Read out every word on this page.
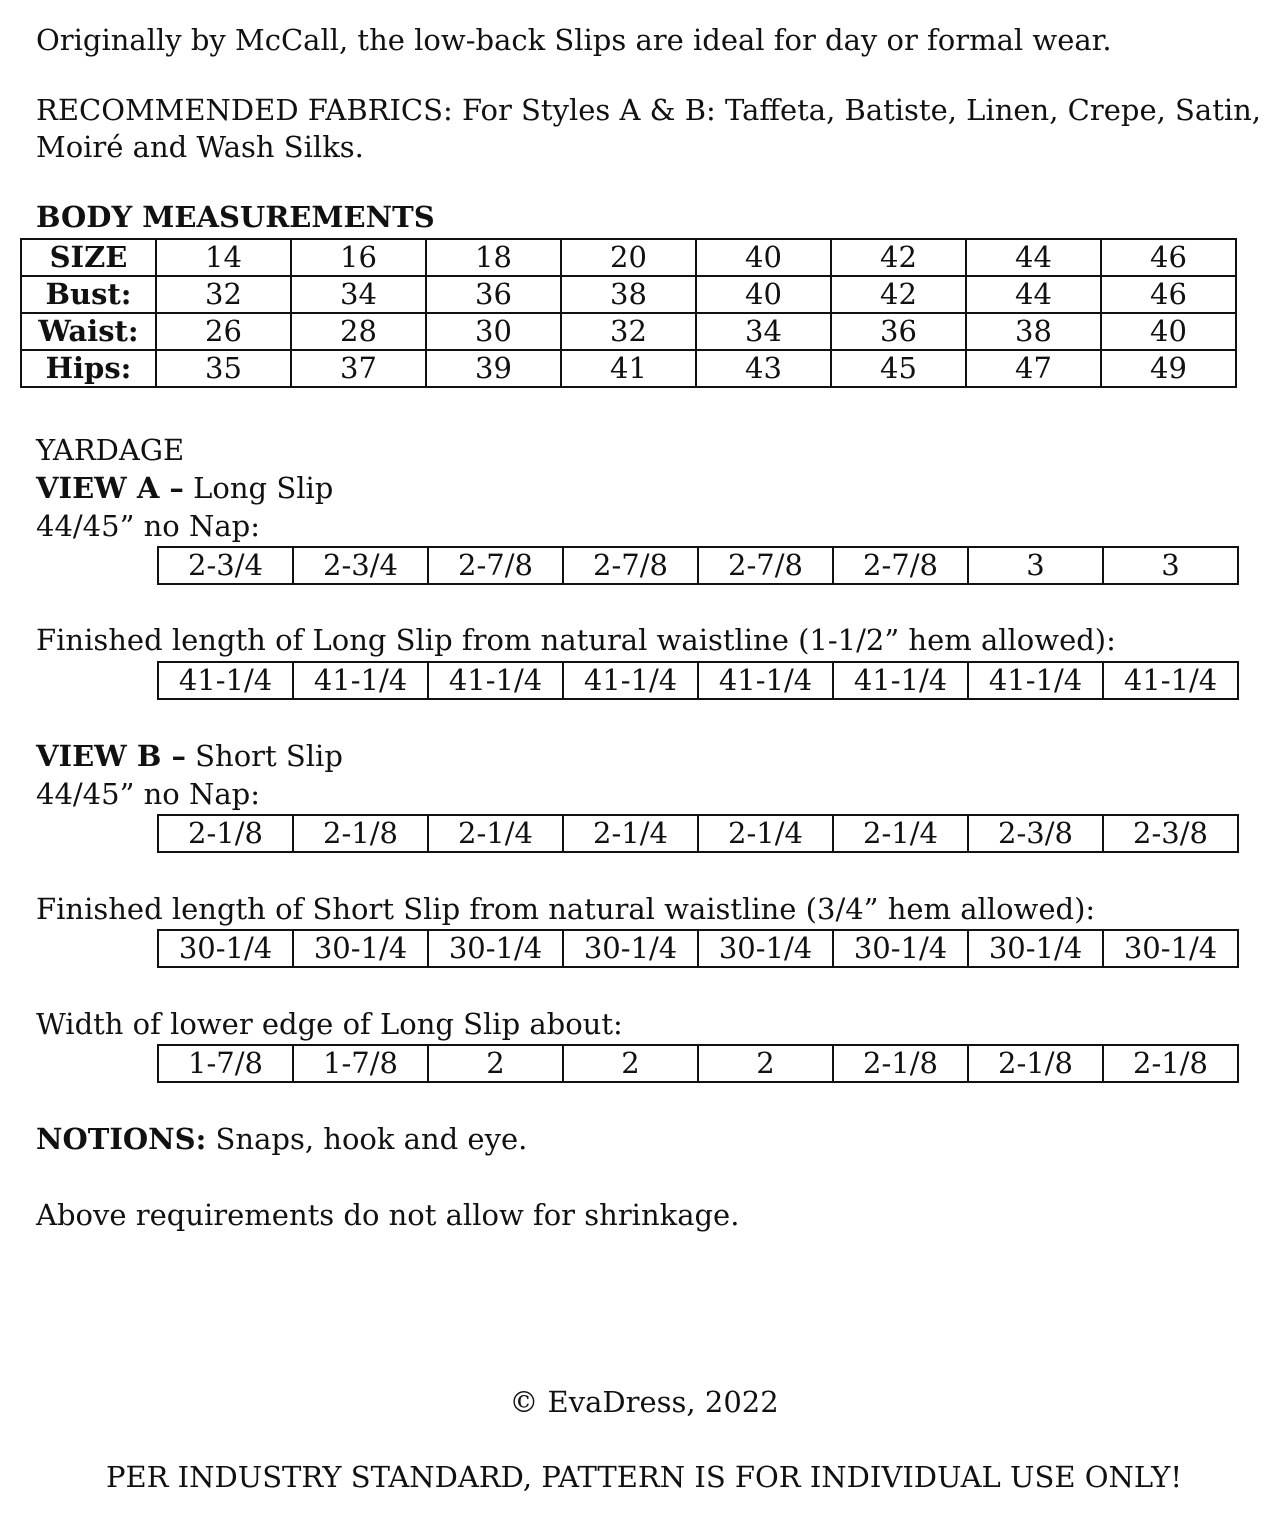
Originally by McCall, the low-back Slips are ideal for day or formal wear.

RECOMMENDED FABRICS: For Styles A & B: Taffeta, Batiste, Linen, Crepe, Satin,

Moiré and Wash Silks.

BODY MEASUREMENTS

SIZE	14	16	18	20	40	42	44	46
Bust:	32	34	36	38	40	42	44	46
Waist:	26	28	30	32	34	36	38	40
Hips:	35	37	39	41	43	45	47	49

YARDAGE

VIEW A – Long Slip

44/45” no Nap:

2-3/4	2-3/4	2-7/8	2-7/8	2-7/8	2-7/8	3	3

Finished length of Long Slip from natural waistline (1-1/2” hem allowed):

41-1/4	41-1/4	41-1/4	41-1/4	41-1/4	41-1/4	41-1/4	41-1/4

VIEW B – Short Slip

44/45” no Nap:

2-1/8	2-1/8	2-1/4	2-1/4	2-1/4	2-1/4	2-3/8	2-3/8

Finished length of Short Slip from natural waistline (3/4” hem allowed):

30-1/4	30-1/4	30-1/4	30-1/4	30-1/4	30-1/4	30-1/4	30-1/4

Width of lower edge of Long Slip about:

1-7/8	1-7/8	2	2	2	2-1/8	2-1/8	2-1/8

NOTIONS: Snaps, hook and eye.

Above requirements do not allow for shrinkage.

© EvaDress, 2022

PER INDUSTRY STANDARD, PATTERN IS FOR INDIVIDUAL USE ONLY!
